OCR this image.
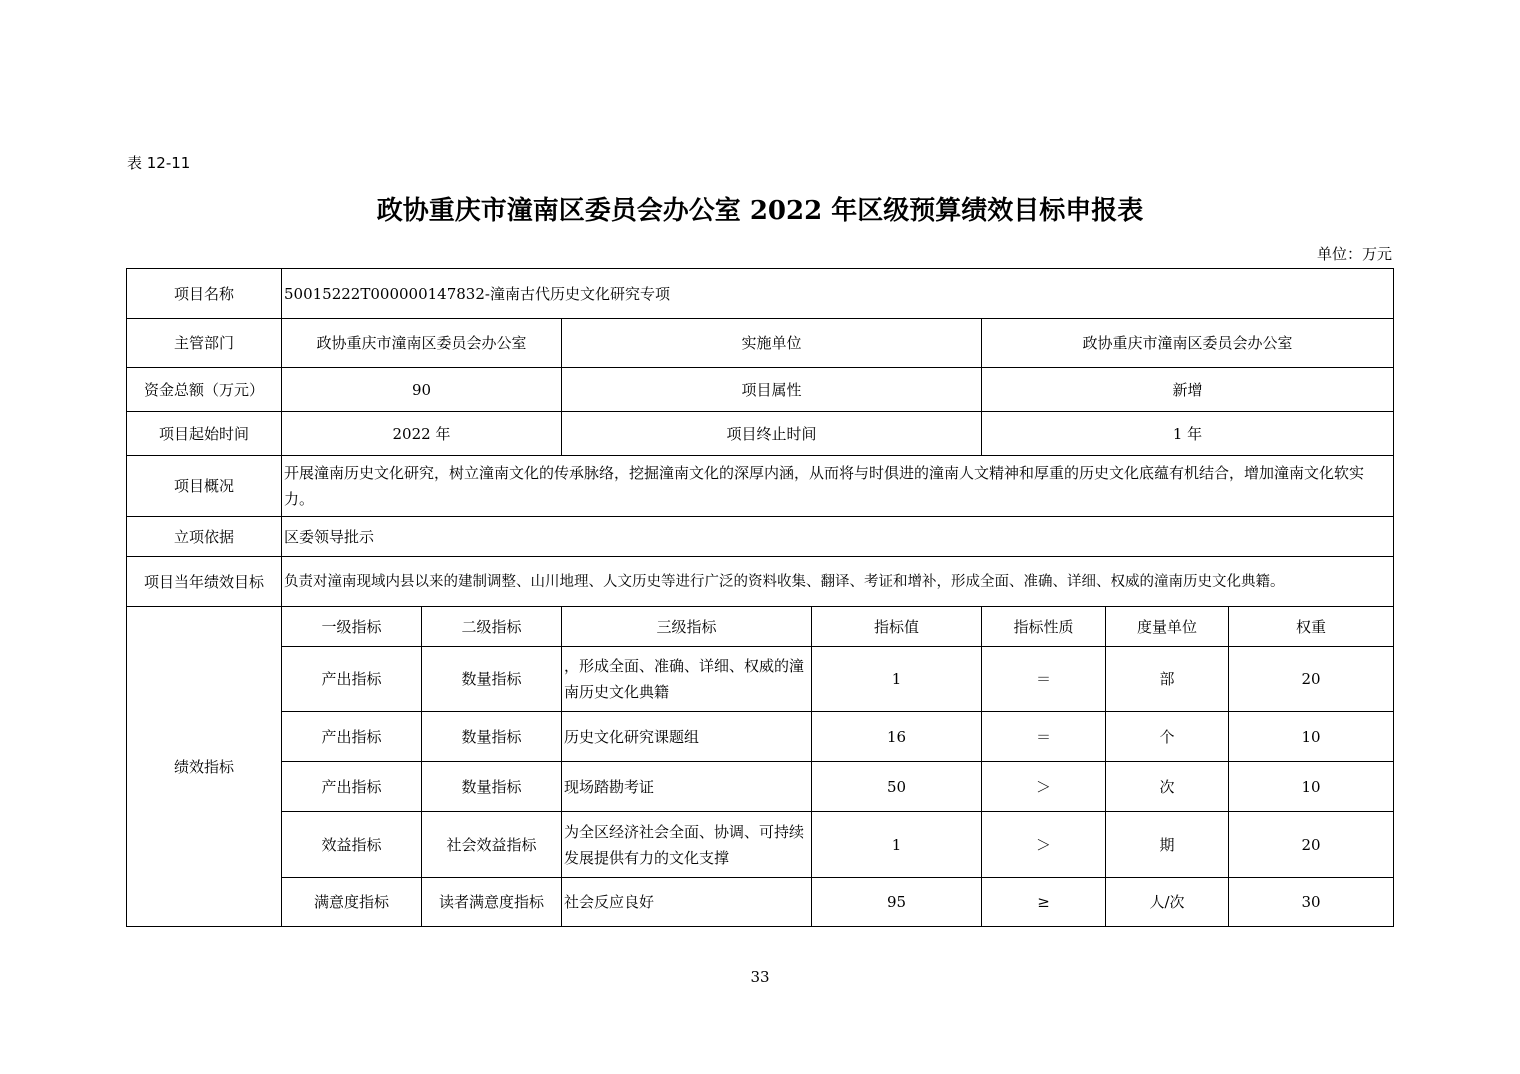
表 12-11
政协重庆市潼南区委员会办公室 2022 年区级预算绩效目标申报表
单位：万元
项目名称	50015222T000000147832-潼南古代历史文化研究专项						
主管部门	政协重庆市潼南区委员会办公室		实施单位		政协重庆市潼南区委员会办公室		
资金总额（万元）	90		项目属性		新增		
项目起始时间	2022 年		项目终止时间		1 年		
项目概况	开展潼南历史文化研究，树立潼南文化的传承脉络，挖掘潼南文化的深厚内涵，从而将与时俱进的潼南人文精神和厚重的历史文化底蕴有机结合，增加潼南文化软实力。						
立项依据	区委领导批示						
项目当年绩效目标	负责对潼南现域内县以来的建制调整、山川地理、人文历史等进行广泛的资料收集、翻译、考证和增补，形成全面、准确、详细、权威的潼南历史文化典籍。						
绩效指标	一级指标	二级指标	三级指标	指标值	指标性质	度量单位	权重
	产出指标	数量指标	，形成全面、准确、详细、权威的潼南历史文化典籍	1	＝	部	20
	产出指标	数量指标	历史文化研究课题组	16	＝	个	10
	产出指标	数量指标	现场踏勘考证	50	＞	次	10
	效益指标	社会效益指标	为全区经济社会全面、协调、可持续发展提供有力的文化支撑	1	＞	期	20
	满意度指标	读者满意度指标	社会反应良好	95	≥	人/次	30
33
